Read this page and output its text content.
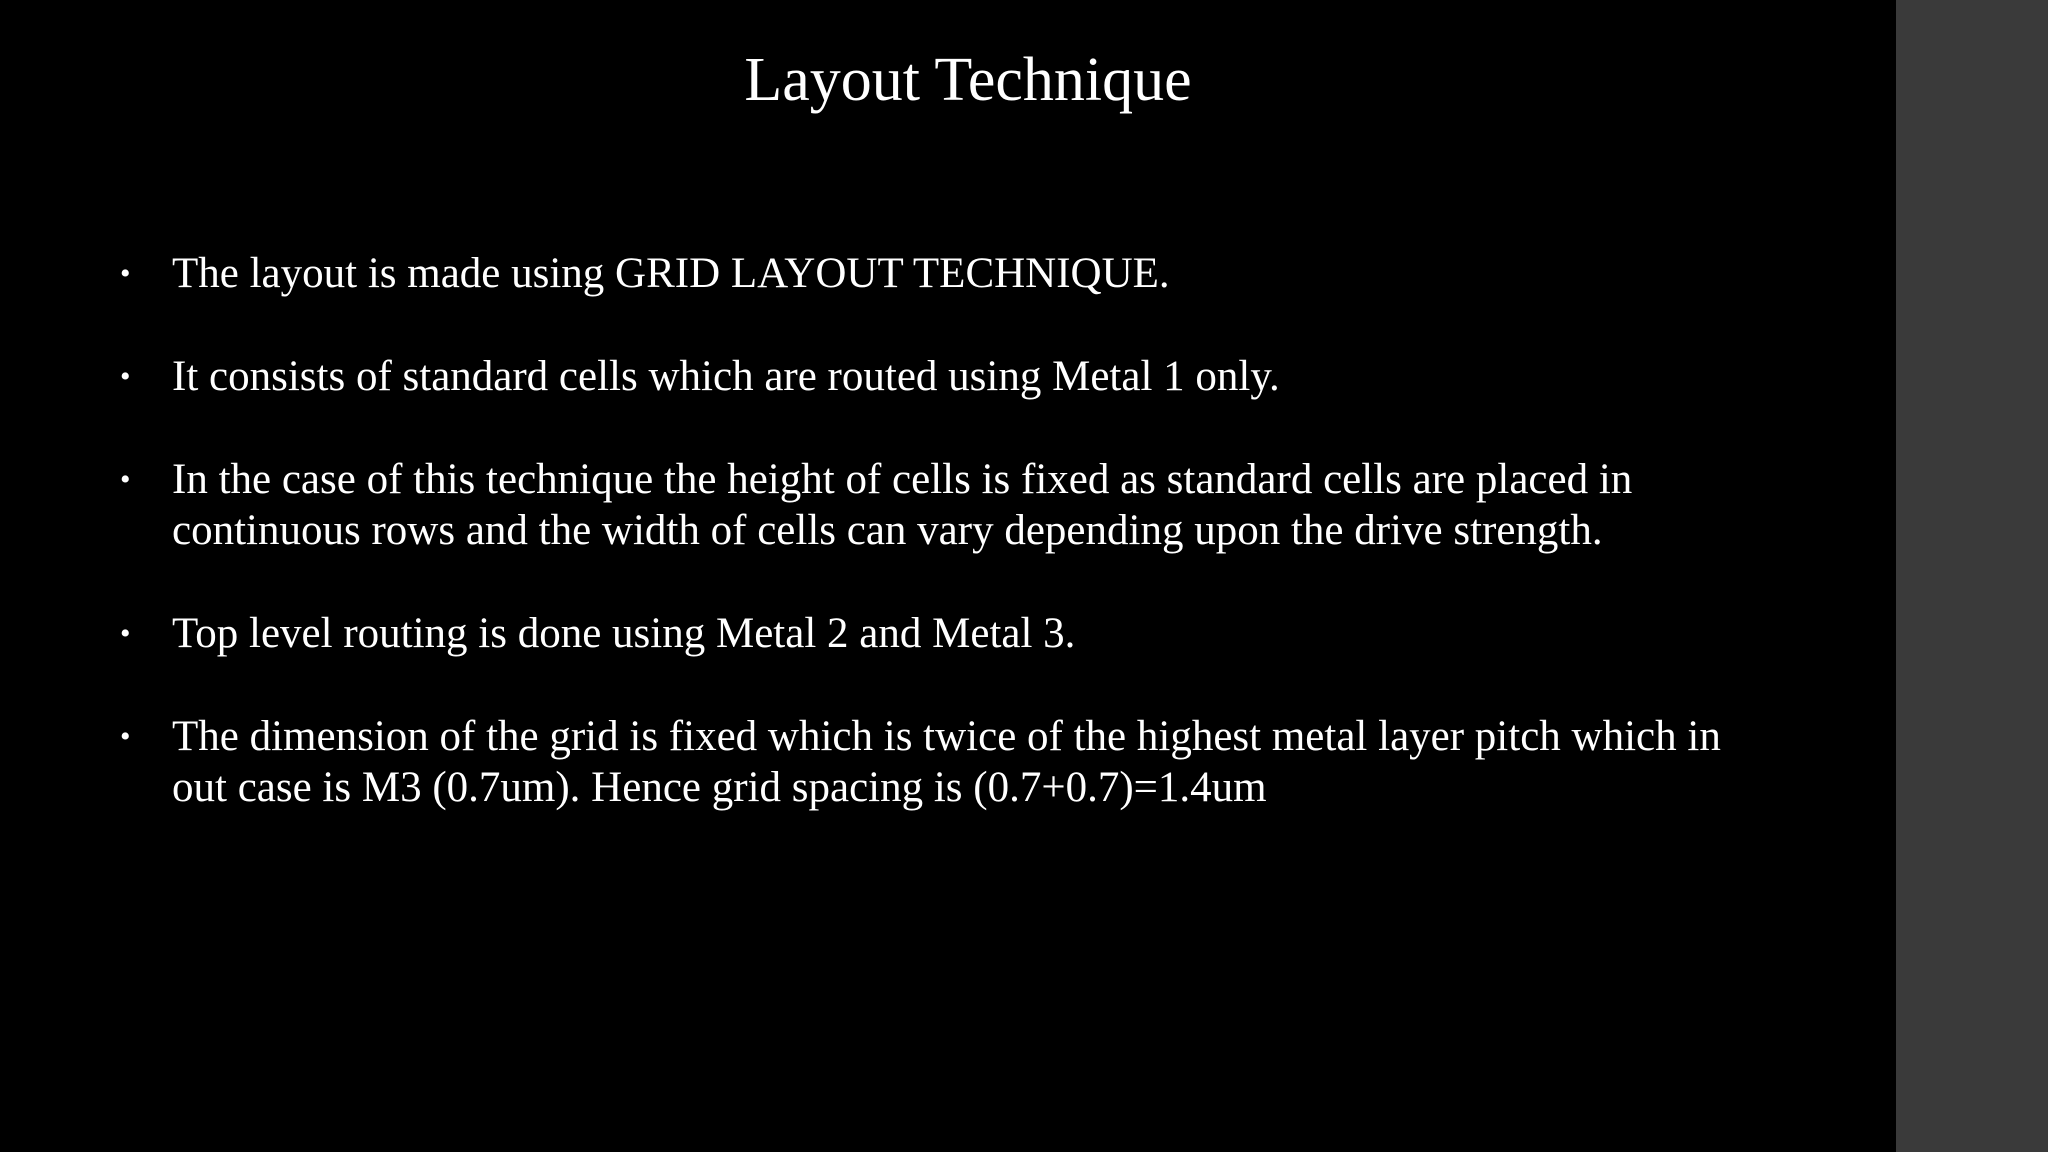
Layout Technique
• The layout is made using GRID LAYOUT TECHNIQUE.
• It consists of standard cells which are routed using Metal 1 only.
• In the case of this technique the height of cells is fixed as standard cells are placed in continuous rows and the width of cells can vary depending upon the drive strength.
• Top level routing is done using Metal 2 and Metal 3.
• The dimension of the grid is fixed which is twice of the highest metal layer pitch which in out case is M3 (0.7um). Hence grid spacing is (0.7+0.7)=1.4um
